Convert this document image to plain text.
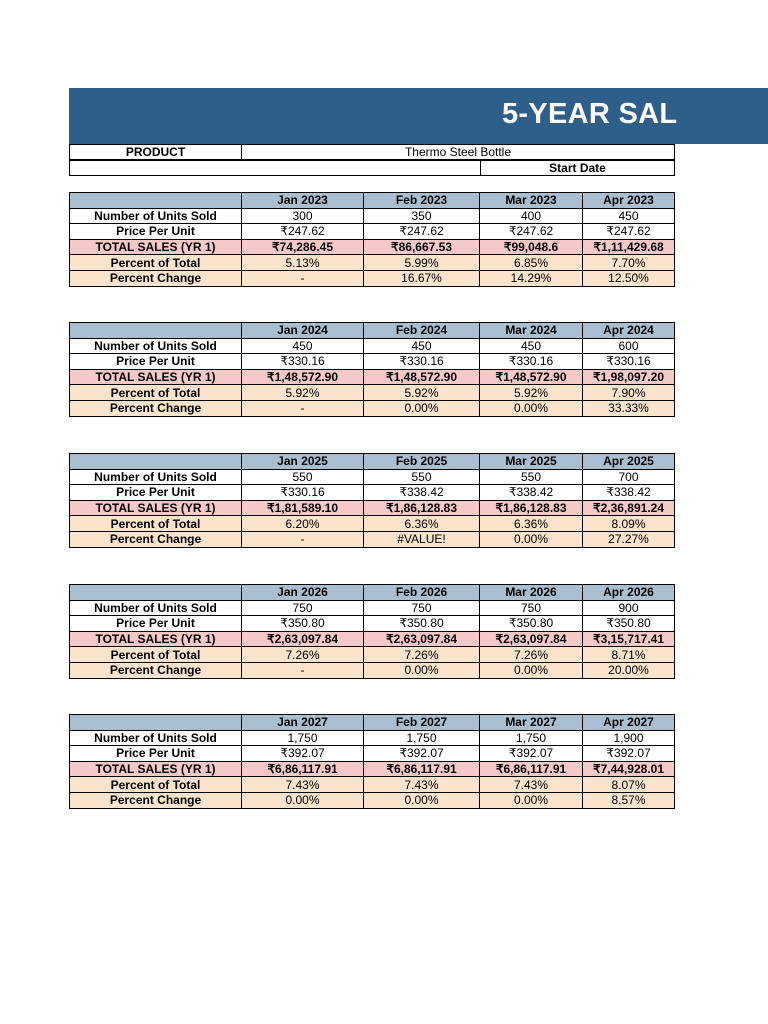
5-YEAR SAL
PRODUCT	Thermo Steel Bottle
	Start Date
	Jan 2023	Feb 2023	Mar 2023	Apr 2023
Number of Units Sold	300	350	400	450
Price Per Unit	₹247.62	₹247.62	₹247.62	₹247.62
TOTAL SALES (YR 1)	₹74,286.45	₹86,667.53	₹99,048.6	₹1,11,429.68
Percent of Total	5.13%	5.99%	6.85%	7.70%
Percent Change	-	16.67%	14.29%	12.50%
	Jan 2024	Feb 2024	Mar 2024	Apr 2024
Number of Units Sold	450	450	450	600
Price Per Unit	₹330.16	₹330.16	₹330.16	₹330.16
TOTAL SALES (YR 1)	₹1,48,572.90	₹1,48,572.90	₹1,48,572.90	₹1,98,097.20
Percent of Total	5.92%	5.92%	5.92%	7.90%
Percent Change	-	0.00%	0.00%	33.33%
	Jan 2025	Feb 2025	Mar 2025	Apr 2025
Number of Units Sold	550	550	550	700
Price Per Unit	₹330.16	₹338.42	₹338.42	₹338.42
TOTAL SALES (YR 1)	₹1,81,589.10	₹1,86,128.83	₹1,86,128.83	₹2,36,891.24
Percent of Total	6.20%	6.36%	6.36%	8.09%
Percent Change	-	#VALUE!	0.00%	27.27%
	Jan 2026	Feb 2026	Mar 2026	Apr 2026
Number of Units Sold	750	750	750	900
Price Per Unit	₹350.80	₹350.80	₹350.80	₹350.80
TOTAL SALES (YR 1)	₹2,63,097.84	₹2,63,097.84	₹2,63,097.84	₹3,15,717.41
Percent of Total	7.26%	7.26%	7.26%	8.71%
Percent Change	-	0.00%	0.00%	20.00%
	Jan 2027	Feb 2027	Mar 2027	Apr 2027
Number of Units Sold	1,750	1,750	1,750	1,900
Price Per Unit	₹392.07	₹392.07	₹392.07	₹392.07
TOTAL SALES (YR 1)	₹6,86,117.91	₹6,86,117.91	₹6,86,117.91	₹7,44,928.01
Percent of Total	7.43%	7.43%	7.43%	8.07%
Percent Change	0.00%	0.00%	0.00%	8.57%
